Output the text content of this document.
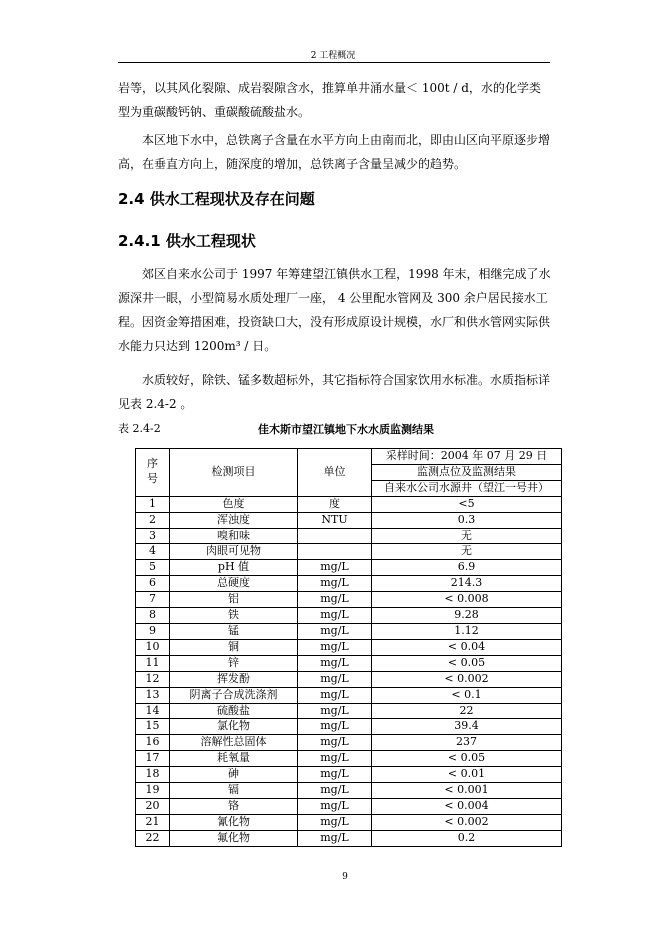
2 工程概况
岩等，以其风化裂隙、成岩裂隙含水，推算单井涌水量＜ 100t / d，水的化学类型为重碳酸钙钠、重碳酸硫酸盐水。
本区地下水中，总铁离子含量在水平方向上由南而北，即由山区向平原逐步增高，在垂直方向上，随深度的增加，总铁离子含量呈减少的趋势。
2.4 供水工程现状及存在问题
2.4.1 供水工程现状
郊区自来水公司于 1997 年筹建望江镇供水工程，1998 年末，相继完成了水源深井一眼，小型简易水质处理厂一座， 4 公里配水管网及 300 余户居民接水工程。因资金筹措困难，投资缺口大，没有形成原设计规模，水厂和供水管网实际供水能力只达到 1200m³ / 日。
水质较好，除铁、锰多数超标外，其它指标符合国家饮用水标准。水质指标详见表 2.4-2 。
表 2.4-2	佳木斯市望江镇地下水水质监测结果
序号	检测项目	单位	采样时间：2004 年 07 月 29 日
			监测点位及监测结果
			自来水公司水源井（望江一号井）
1	色度	度	<5
2	浑浊度	NTU	0.3
3	嗅和味		无
4	肉眼可见物		无
5	pH 值	mg/L	6.9
6	总硬度	mg/L	214.3
7	铝	mg/L	< 0.008
8	铁	mg/L	9.28
9	锰	mg/L	1.12
10	铜	mg/L	< 0.04
11	锌	mg/L	< 0.05
12	挥发酚	mg/L	< 0.002
13	阴离子合成洗涤剂	mg/L	< 0.1
14	硫酸盐	mg/L	22
15	氯化物	mg/L	39.4
16	溶解性总固体	mg/L	237
17	耗氧量	mg/L	< 0.05
18	砷	mg/L	< 0.01
19	镉	mg/L	< 0.001
20	铬	mg/L	< 0.004
21	氰化物	mg/L	< 0.002
22	氟化物	mg/L	0.2
9
